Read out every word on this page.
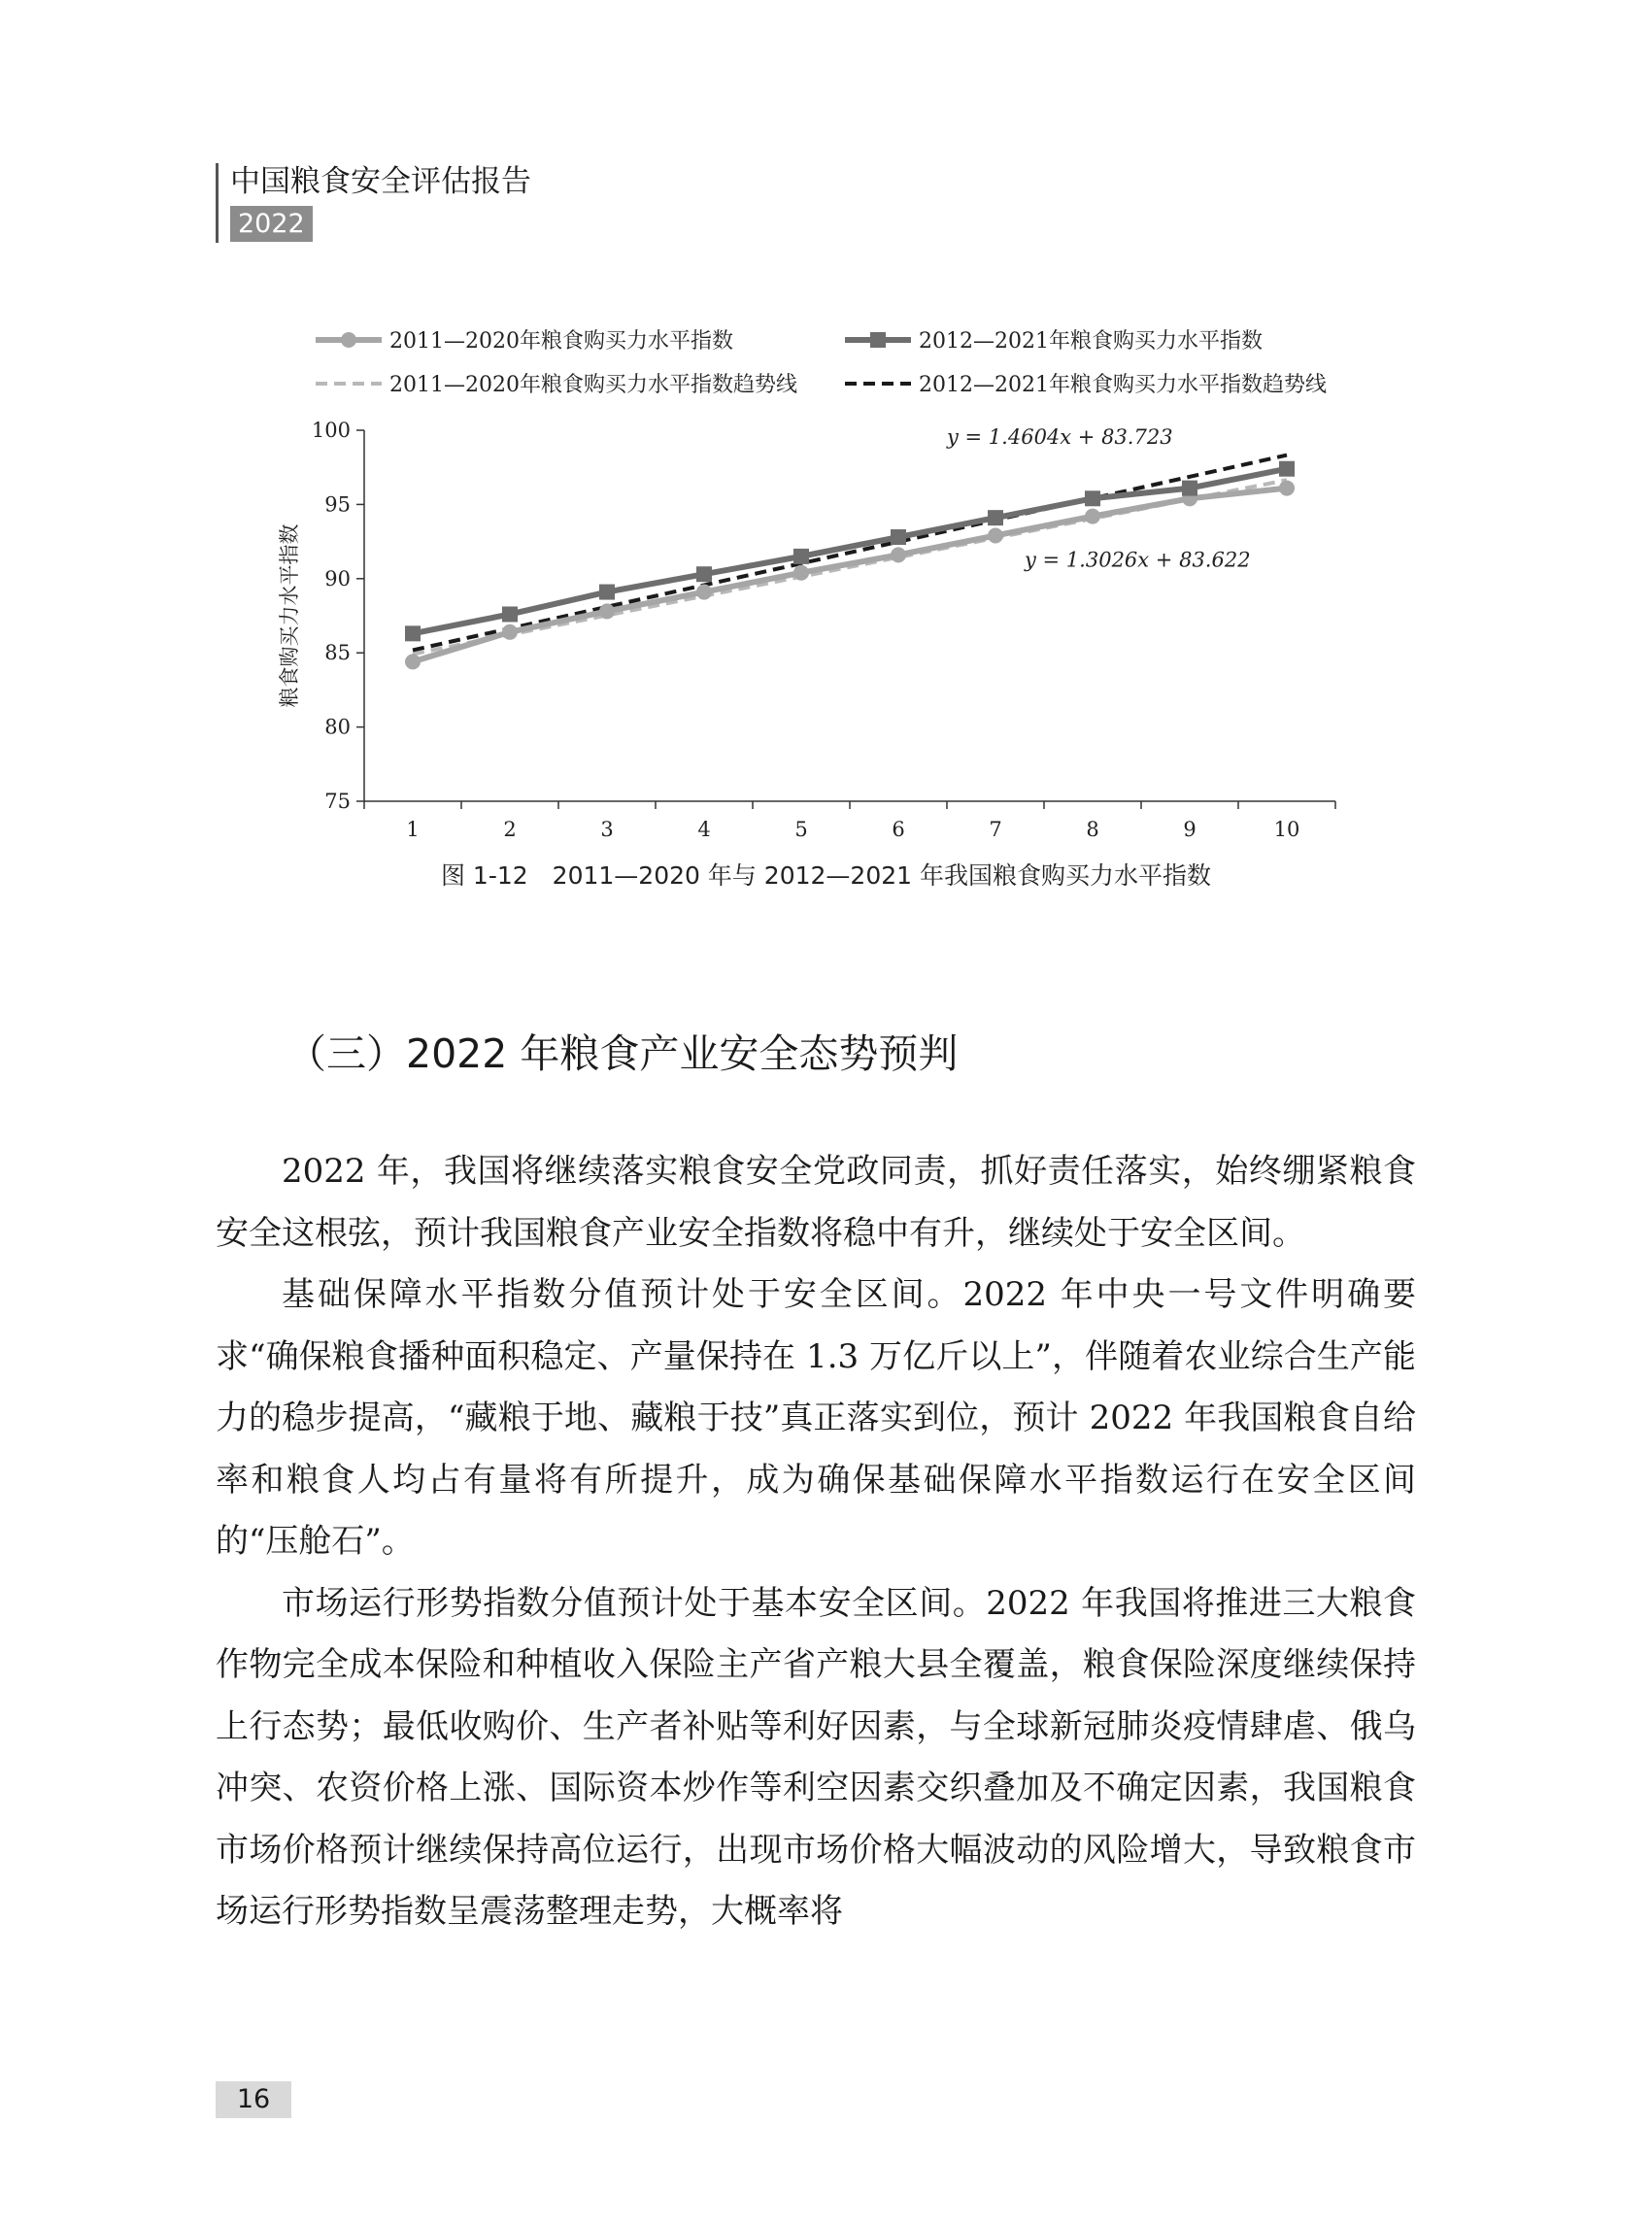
中国粮食安全评估报告
2022
75
80
85
90
95
100
1	2	3	4	5	6	7	8	9	10
粮食购买力水平指数
y = 1.4604x + 83.723
y = 1.3026x + 83.622
2011—2020年粮食购买力水平指数	2012—2021年粮食购买力水平指数
2011—2020年粮食购买力水平指数趋势线	2012—2021年粮食购买力水平指数趋势线
图 1-12　2011—2020 年与 2012—2021 年我国粮食购买力水平指数
（三）2022 年粮食产业安全态势预判

2022 年，我国将继续落实粮食安全党政同责，抓好责任落实，始终绷紧粮食安全这根弦，预计我国粮食产业安全指数将稳中有升，继续处于安全区间。

基础保障水平指数分值预计处于安全区间。2022 年中央一号文件明确要求“确保粮食播种面积稳定、产量保持在 1.3 万亿斤以上”，伴随着农业综合生产能力的稳步提高，“藏粮于地、藏粮于技”真正落实到位，预计 2022 年我国粮食自给率和粮食人均占有量将有所提升，成为确保基础保障水平指数运行在安全区间的“压舱石”。

市场运行形势指数分值预计处于基本安全区间。2022 年我国将推进三大粮食作物完全成本保险和种植收入保险主产省产粮大县全覆盖，粮食保险深度继续保持上行态势；最低收购价、生产者补贴等利好因素，与全球新冠肺炎疫情肆虐、俄乌冲突、农资价格上涨、国际资本炒作等利空因素交织叠加及不确定因素，我国粮食市场价格预计继续保持高位运行，出现市场价格大幅波动的风险增大，导致粮食市场运行形势指数呈震荡整理走势，大概率将

16
